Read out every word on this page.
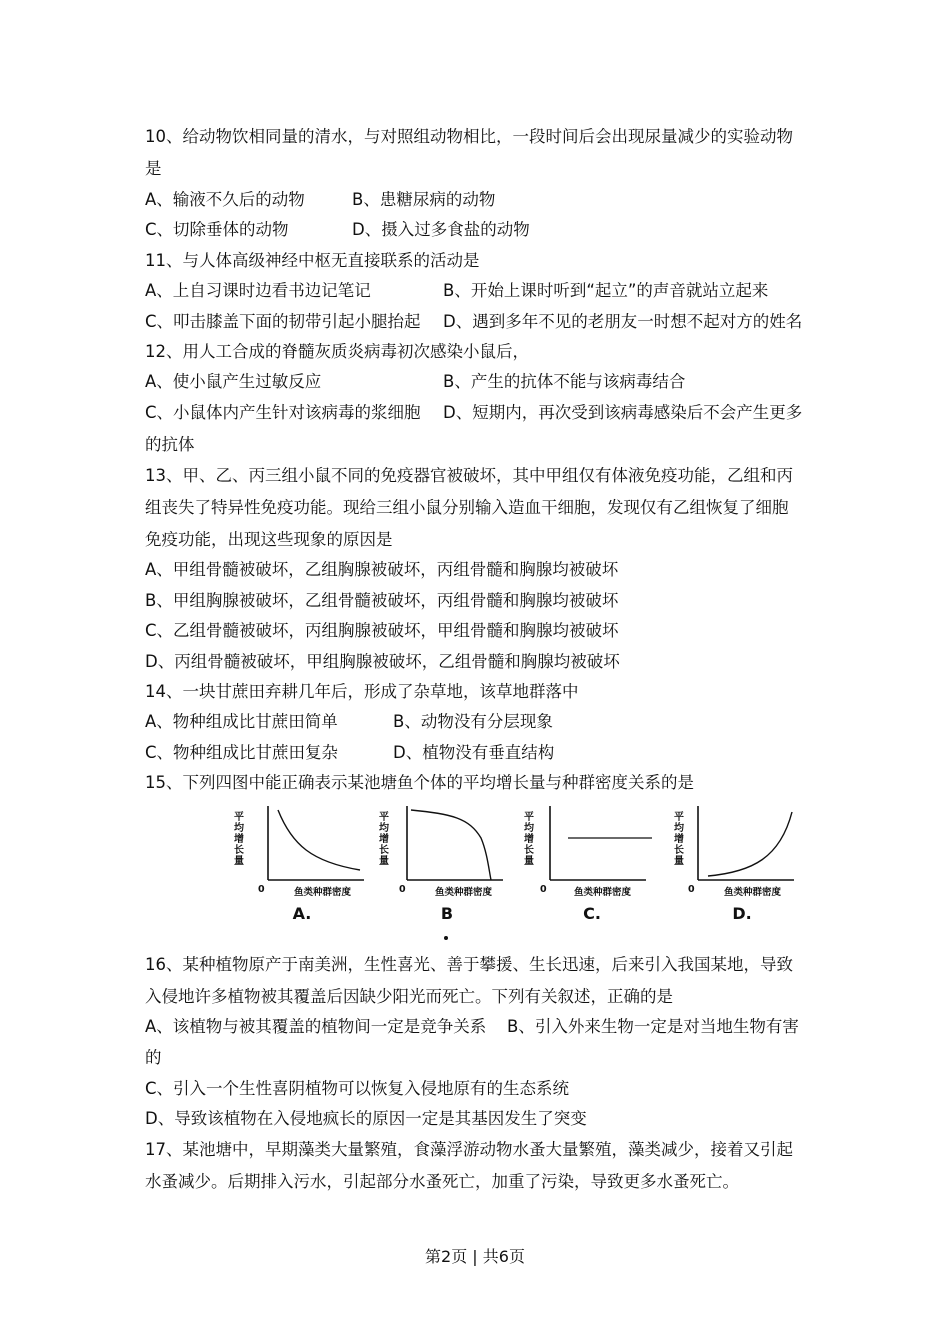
10、给动物饮相同量的清水，与对照组动物相比，一段时间后会出现尿量减少的实验动物
是
A、输液不久后的动物	B、患糖尿病的动物
C、切除垂体的动物	D、摄入过多食盐的动物
11、与人体高级神经中枢无直接联系的活动是
A、上自习课时边看书边记笔记	B、开始上课时听到“起立”的声音就站立起来
C、叩击膝盖下面的韧带引起小腿抬起 D、遇到多年不见的老朋友一时想不起对方的姓名
12、用人工合成的脊髓灰质炎病毒初次感染小鼠后，
A、使小鼠产生过敏反应	B、产生的抗体不能与该病毒结合
C、小鼠体内产生针对该病毒的浆细胞 D、短期内，再次受到该病毒感染后不会产生更多
的抗体
13、甲、乙、丙三组小鼠不同的免疫器官被破坏，其中甲组仅有体液免疫功能，乙组和丙
组丧失了特异性免疫功能。现给三组小鼠分别输入造血干细胞，发现仅有乙组恢复了细胞
免疫功能，出现这些现象的原因是
A、甲组骨髓被破坏，乙组胸腺被破坏，丙组骨髓和胸腺均被破坏
B、甲组胸腺被破坏，乙组骨髓被破坏，丙组骨髓和胸腺均被破坏
C、乙组骨髓被破坏，丙组胸腺被破坏，甲组骨髓和胸腺均被破坏
D、丙组骨髓被破坏，甲组胸腺被破坏，乙组骨髓和胸腺均被破坏
14、一块甘蔗田弃耕几年后，形成了杂草地，该草地群落中
A、物种组成比甘蔗田简单	B、动物没有分层现象
C、物种组成比甘蔗田复杂	D、植物没有垂直结构
15、下列四图中能正确表示某池塘鱼个体的平均增长量与种群密度关系的是
平均增长量
0	鱼类种群密度
A.
平均增长量
0	鱼类种群密度
B
平均增长量
0	鱼类种群密度
C.
平均增长量
0	鱼类种群密度
D.
16、某种植物原产于南美洲，生性喜光、善于攀援、生长迅速，后来引入我国某地，导致
入侵地许多植物被其覆盖后因缺少阳光而死亡。下列有关叙述，正确的是
A、该植物与被其覆盖的植物间一定是竞争关系 B、引入外来生物一定是对当地生物有害
的
C、引入一个生性喜阴植物可以恢复入侵地原有的生态系统
D、导致该植物在入侵地疯长的原因一定是其基因发生了突变
17、某池塘中，早期藻类大量繁殖，食藻浮游动物水蚤大量繁殖，藻类减少，接着又引起
水蚤减少。后期排入污水，引起部分水蚤死亡，加重了污染，导致更多水蚤死亡。
第2页 | 共6页
